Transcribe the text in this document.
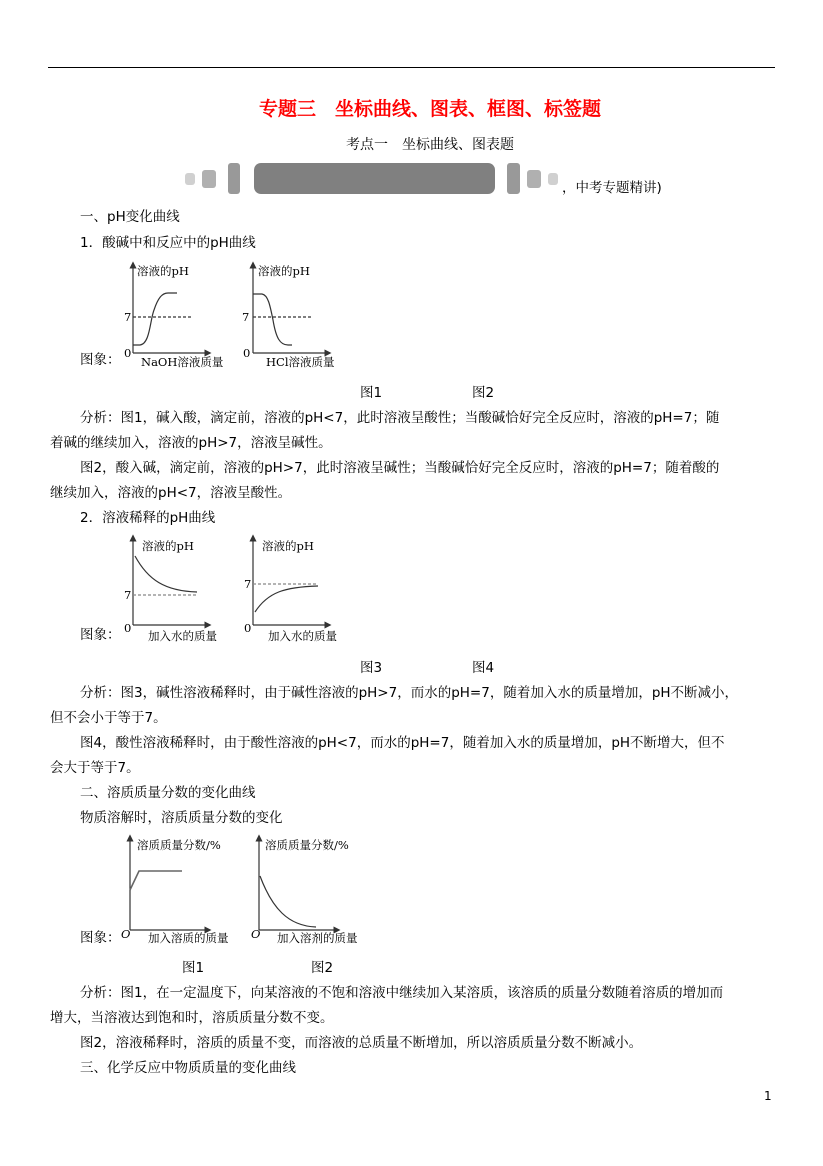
专题三　坐标曲线、图表、框图、标签题
考点一　坐标曲线、图表题
，中考专题精讲)
一、pH变化曲线
1．酸碱中和反应中的pH曲线
图象：
图1	图2
分析：图1，碱入酸，滴定前，溶液的pH<7，此时溶液呈酸性；当酸碱恰好完全反应时，溶液的pH=7；随
着碱的继续加入，溶液的pH>7，溶液呈碱性。
图2，酸入碱，滴定前，溶液的pH>7，此时溶液呈碱性；当酸碱恰好完全反应时，溶液的pH=7；随着酸的
继续加入，溶液的pH<7，溶液呈酸性。
2．溶液稀释的pH曲线
图象：
图3	图4
分析：图3，碱性溶液稀释时，由于碱性溶液的pH>7，而水的pH=7，随着加入水的质量增加，pH不断减小，
但不会小于等于7。
图4，酸性溶液稀释时，由于酸性溶液的pH<7，而水的pH=7，随着加入水的质量增加，pH不断增大，但不
会大于等于7。
二、溶质质量分数的变化曲线
物质溶解时，溶质质量分数的变化
图象：
图1	图2
分析：图1，在一定温度下，向某溶液的不饱和溶液中继续加入某溶质，该溶质的质量分数随着溶质的增加而
增大，当溶液达到饱和时，溶质质量分数不变。
图2，溶液稀释时，溶质的质量不变，而溶液的总质量不断增加，所以溶质质量分数不断减小。
三、化学反应中物质质量的变化曲线
1
溶液的pH
7
0
NaOH溶液质量
溶液的pH
7
0
HCl溶液质量
溶液的pH
7
0
加入水的质量
溶液的pH
7
0
加入水的质量
溶质质量分数/%
O 加入溶质的质量
溶质质量分数/%
O 加入溶剂的质量
